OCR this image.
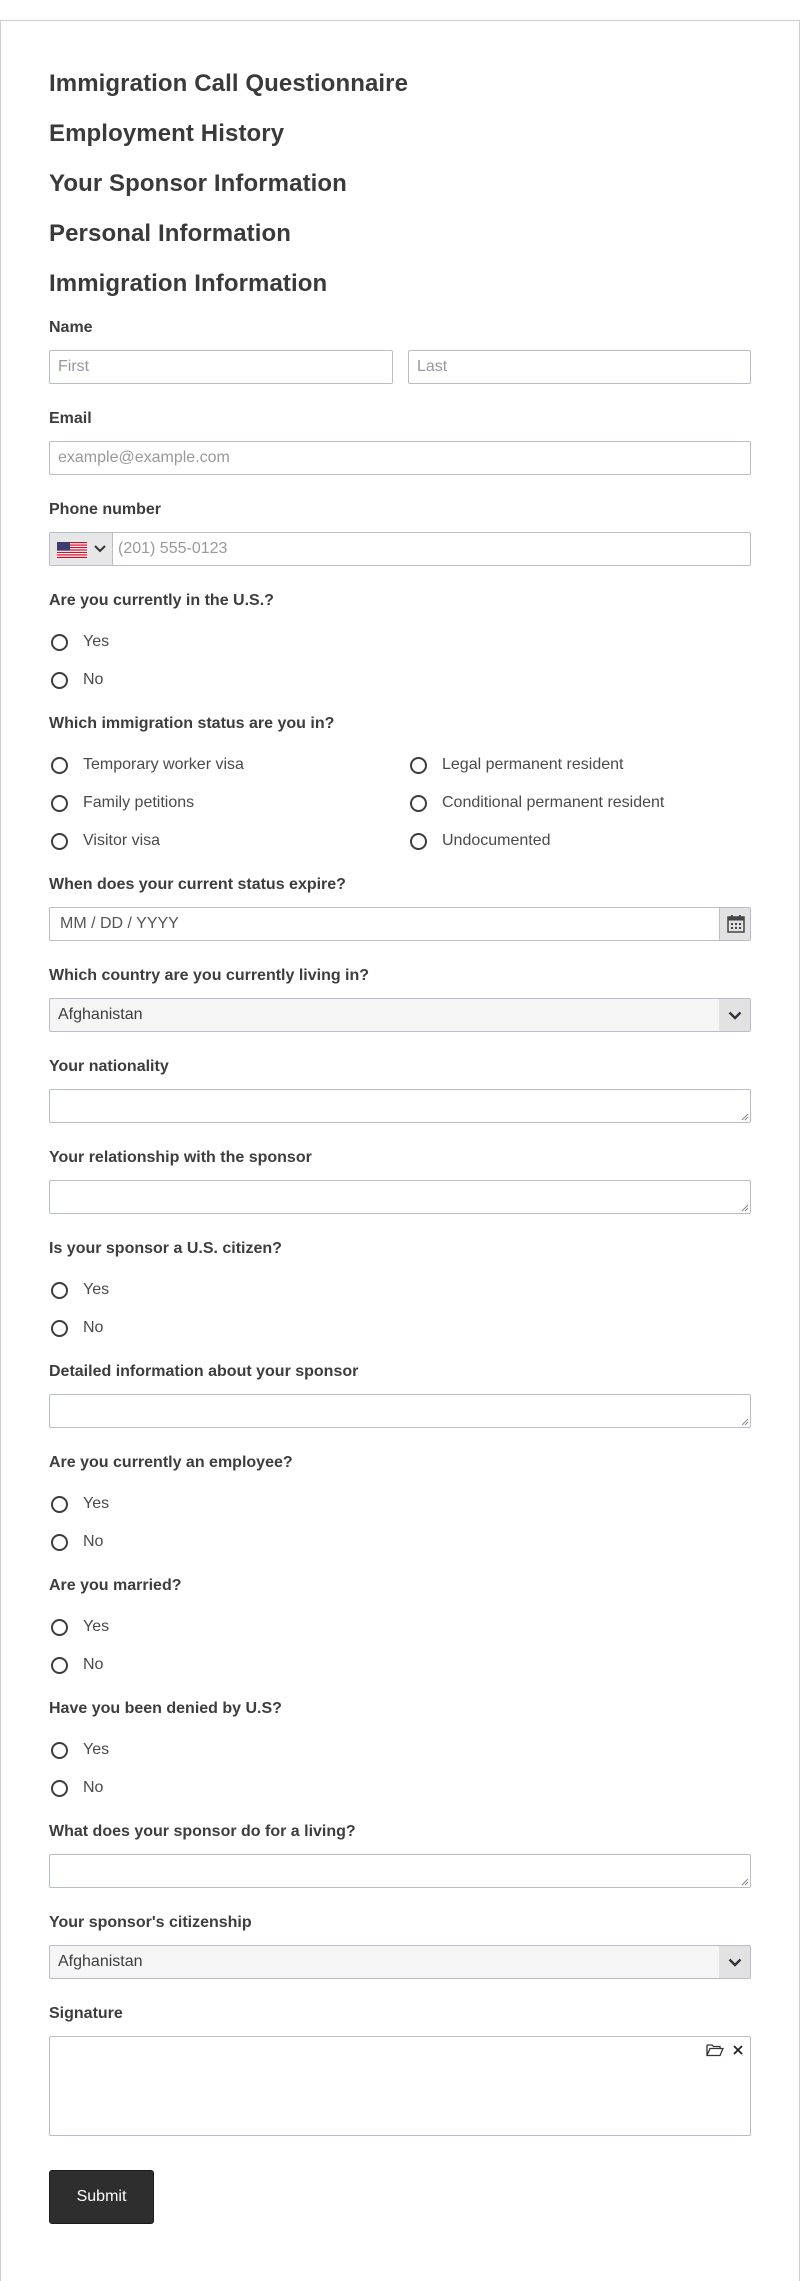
Immigration Call Questionnaire
Employment History
Your Sponsor Information
Personal Information
Immigration Information
Name
First	Last
Email
example@example.com
Phone number
(201) 555-0123
Are you currently in the U.S.?
Yes
No
Which immigration status are you in?
Temporary worker visa	Legal permanent resident
Family petitions	Conditional permanent resident
Visitor visa	Undocumented
When does your current status expire?
MM / DD / YYYY
Which country are you currently living in?
Afghanistan
Your nationality
Your relationship with the sponsor
Is your sponsor a U.S. citizen?
Yes
No
Detailed information about your sponsor
Are you currently an employee?
Yes
No
Are you married?
Yes
No
Have you been denied by U.S?
Yes
No
What does your sponsor do for a living?
Your sponsor's citizenship
Afghanistan
Signature
Submit
